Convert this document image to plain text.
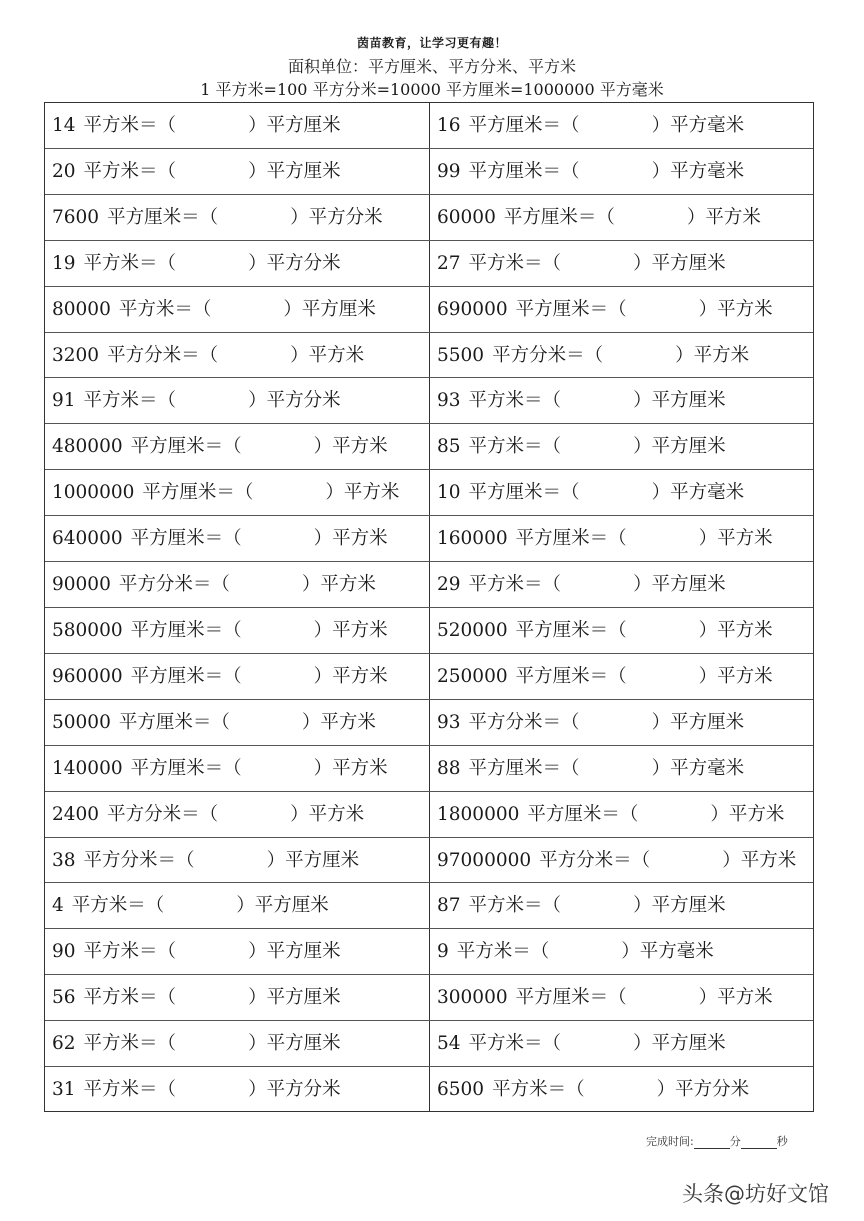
茵苗教育，让学习更有趣！
面积单位：平方厘米、平方分米、平方米
1 平方米=100 平方分米=10000 平方厘米=1000000 平方毫米
14 平方米＝（	）平方厘米	16 平方厘米＝（	）平方毫米
20 平方米＝（	）平方厘米	99 平方厘米＝（	）平方毫米
7600 平方厘米＝（	）平方分米	60000 平方厘米＝（	）平方米
19 平方米＝（	）平方分米	27 平方米＝（	）平方厘米
80000 平方米＝（	）平方厘米	690000 平方厘米＝（	）平方米
3200 平方分米＝（	）平方米	5500 平方分米＝（	）平方米
91 平方米＝（	）平方分米	93 平方米＝（	）平方厘米
480000 平方厘米＝（	）平方米	85 平方米＝（	）平方厘米
1000000 平方厘米＝（	）平方米	10 平方厘米＝（	）平方毫米
640000 平方厘米＝（	）平方米	160000 平方厘米＝（	）平方米
90000 平方分米＝（	）平方米	29 平方米＝（	）平方厘米
580000 平方厘米＝（	）平方米	520000 平方厘米＝（	）平方米
960000 平方厘米＝（	）平方米	250000 平方厘米＝（	）平方米
50000 平方厘米＝（	）平方米	93 平方分米＝（	）平方厘米
140000 平方厘米＝（	）平方米	88 平方厘米＝（	）平方毫米
2400 平方分米＝（	）平方米	1800000 平方厘米＝（	）平方米
38 平方分米＝（	）平方厘米	97000000 平方分米＝（	）平方米
4 平方米＝（	）平方厘米	87 平方米＝（	）平方厘米
90 平方米＝（	）平方厘米	9 平方米＝（	）平方毫米
56 平方米＝（	）平方厘米	300000 平方厘米＝（	）平方米
62 平方米＝（	）平方厘米	54 平方米＝（	）平方厘米
31 平方米＝（	）平方分米	6500 平方米＝（	）平方分米
完成时间:	分	秒
头条@坊好文馆
